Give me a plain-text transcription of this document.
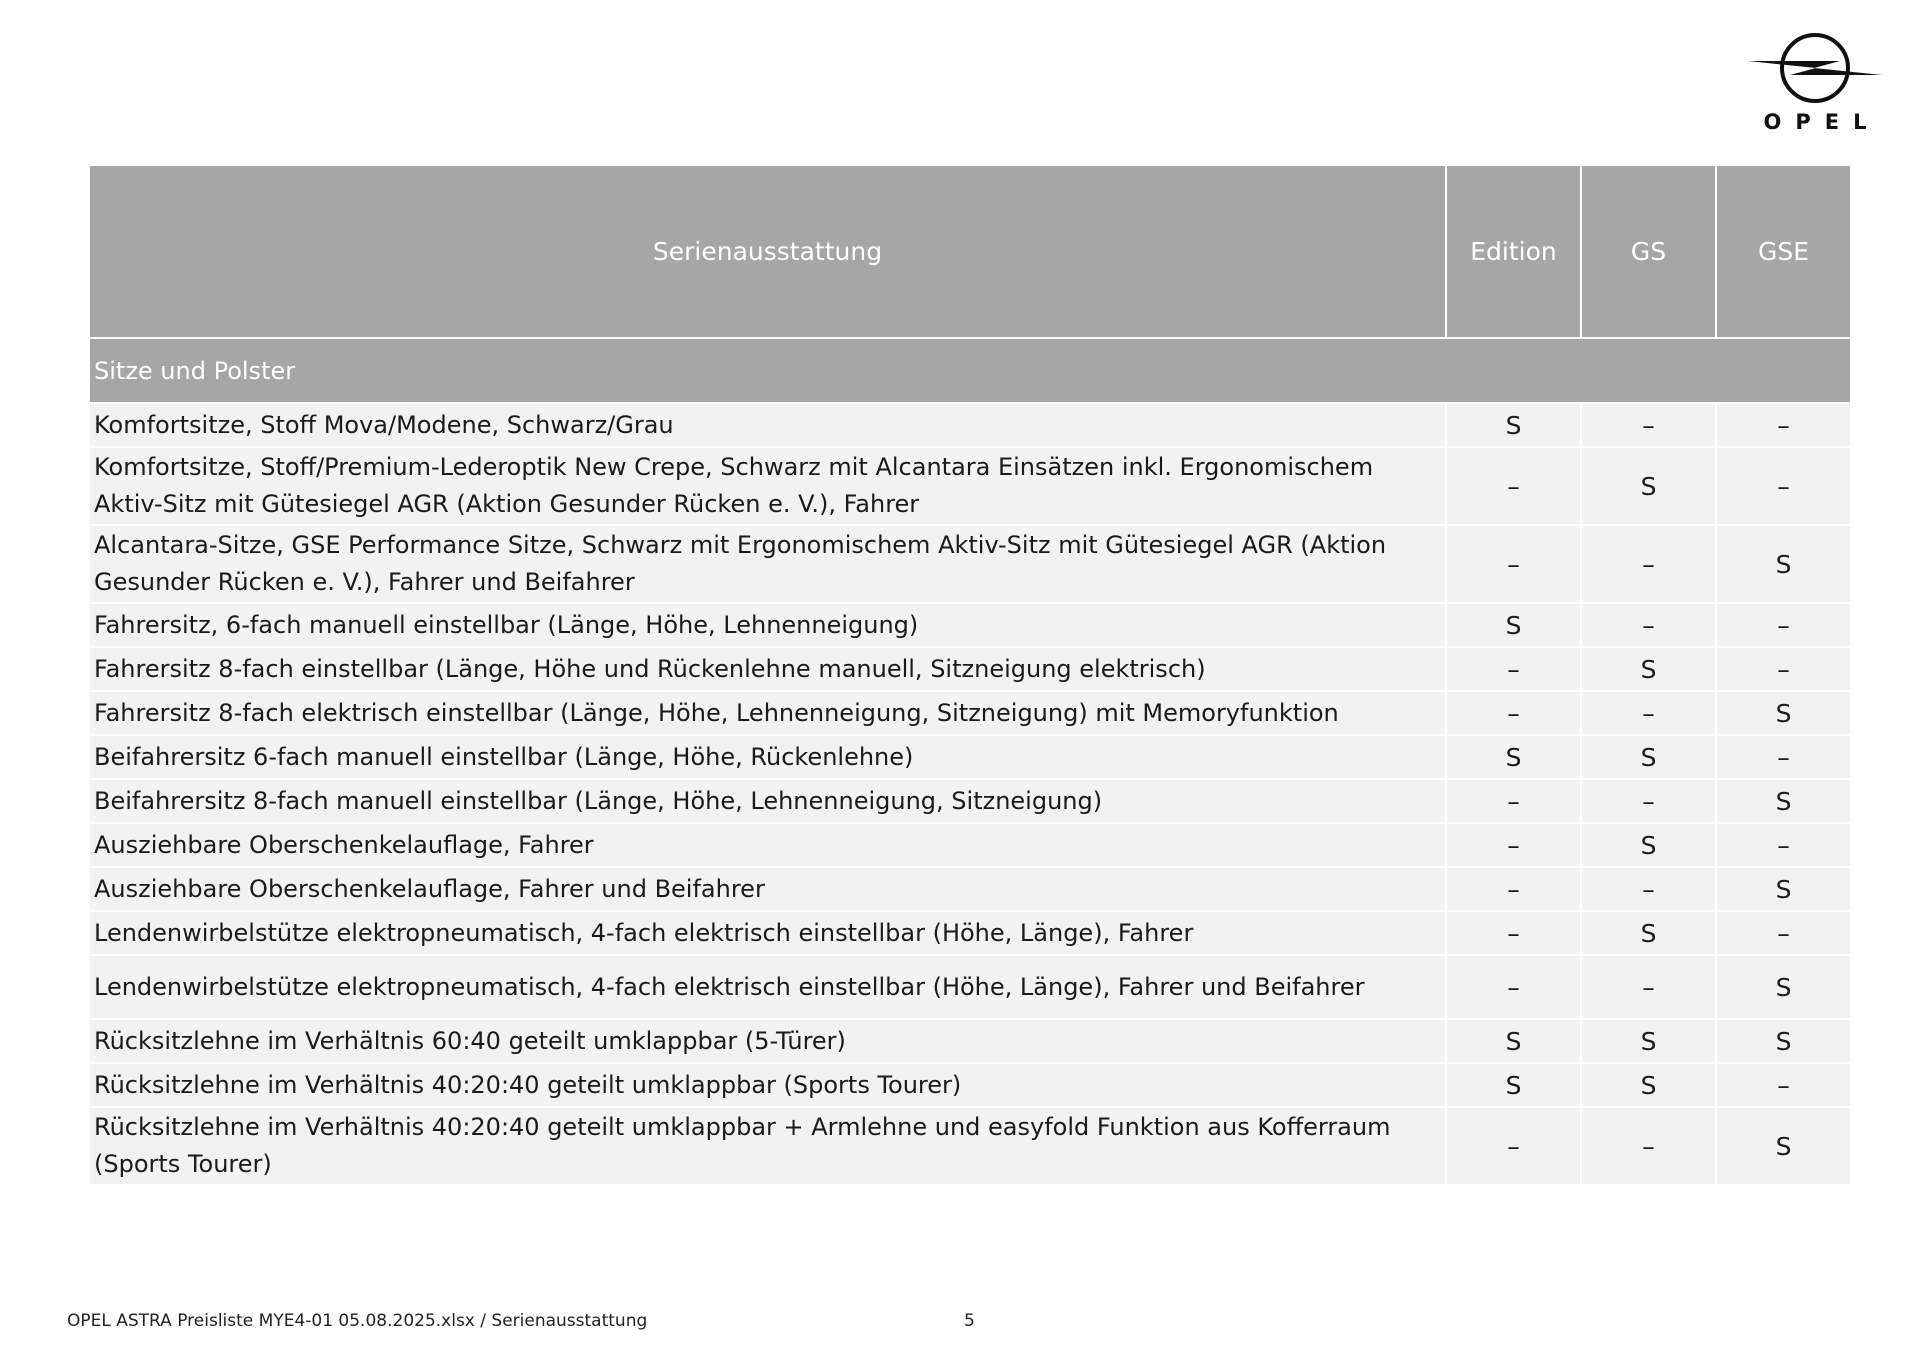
OPEL
Serienausstattung	Edition	GS	GSE
Sitze und Polster			
Komfortsitze, Stoff Mova/Modene, Schwarz/Grau	S	–	–
Komfortsitze, Stoff/Premium-Lederoptik New Crepe, Schwarz mit Alcantara Einsätzen inkl. Ergonomischem Aktiv-Sitz mit Gütesiegel AGR (Aktion Gesunder Rücken e. V.), Fahrer	–	S	–
Alcantara-Sitze, GSE Performance Sitze, Schwarz mit Ergonomischem Aktiv-Sitz mit Gütesiegel AGR (Aktion Gesunder Rücken e. V.), Fahrer und Beifahrer	–	–	S
Fahrersitz, 6-fach manuell einstellbar (Länge, Höhe, Lehnenneigung)	S	–	–
Fahrersitz 8-fach einstellbar (Länge, Höhe und Rückenlehne manuell, Sitzneigung elektrisch)	–	S	–
Fahrersitz 8-fach elektrisch einstellbar (Länge, Höhe, Lehnenneigung, Sitzneigung) mit Memoryfunktion	–	–	S
Beifahrersitz 6-fach manuell einstellbar (Länge, Höhe, Rückenlehne)	S	S	–
Beifahrersitz 8-fach manuell einstellbar (Länge, Höhe, Lehnenneigung, Sitzneigung)	–	–	S
Ausziehbare Oberschenkelauflage, Fahrer	–	S	–
Ausziehbare Oberschenkelauflage, Fahrer und Beifahrer	–	–	S
Lendenwirbelstütze elektropneumatisch, 4-fach elektrisch einstellbar (Höhe, Länge), Fahrer	–	S	–
Lendenwirbelstütze elektropneumatisch, 4-fach elektrisch einstellbar (Höhe, Länge), Fahrer und Beifahrer	–	–	S
Rücksitzlehne im Verhältnis 60:40 geteilt umklappbar (5-Türer)	S	S	S
Rücksitzlehne im Verhältnis 40:20:40 geteilt umklappbar (Sports Tourer)	S	S	–
Rücksitzlehne im Verhältnis 40:20:40 geteilt umklappbar + Armlehne und easyfold Funktion aus Kofferraum (Sports Tourer)	–	–	S
OPEL ASTRA Preisliste MYE4-01 05.08.2025.xlsx / Serienausstattung	5
